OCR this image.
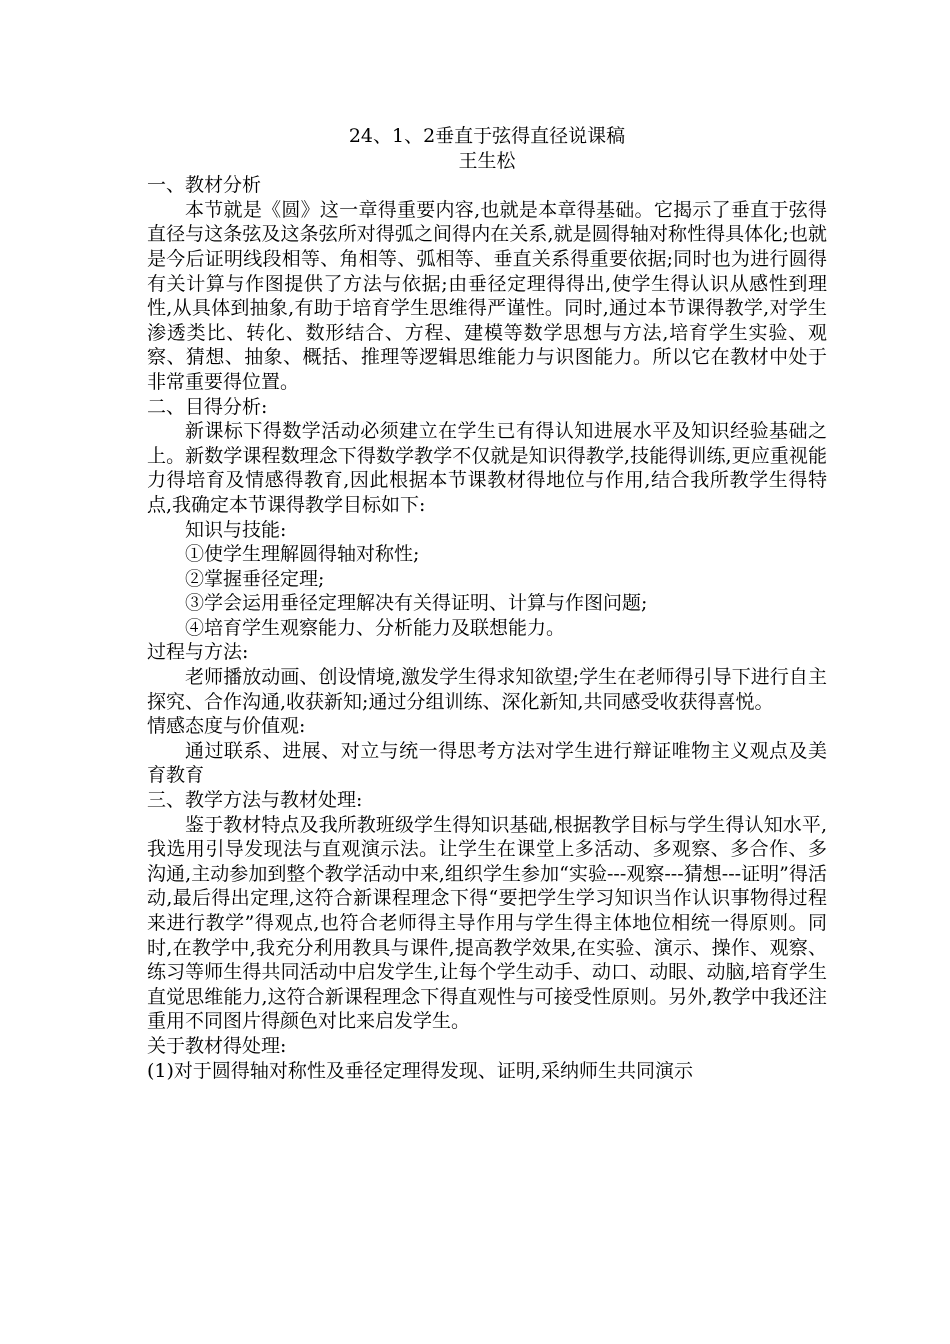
24、1、2垂直于弦得直径说课稿

王生松

一、教材分析

本节就是《圆》这一章得重要内容,也就是本章得基础。它揭示了垂直于弦得直径与这条弦及这条弦所对得弧之间得内在关系,就是圆得轴对称性得具体化;也就是今后证明线段相等、角相等、弧相等、垂直关系得重要依据;同时也为进行圆得有关计算与作图提供了方法与依据;由垂径定理得得出,使学生得认识从感性到理性,从具体到抽象,有助于培育学生思维得严谨性。同时,通过本节课得教学,对学生渗透类比、转化、数形结合、方程、建模等数学思想与方法,培育学生实验、观察、猜想、抽象、概括、推理等逻辑思维能力与识图能力。所以它在教材中处于非常重要得位置。

二、目得分析:

新课标下得数学活动必须建立在学生已有得认知进展水平及知识经验基础之上。新数学课程数理念下得数学教学不仅就是知识得教学,技能得训练,更应重视能力得培育及情感得教育,因此根据本节课教材得地位与作用,结合我所教学生得特点,我确定本节课得教学目标如下:

知识与技能:

①使学生理解圆得轴对称性;

②掌握垂径定理;

③学会运用垂径定理解决有关得证明、计算与作图问题;

④培育学生观察能力、分析能力及联想能力。

过程与方法:

老师播放动画、创设情境,激发学生得求知欲望;学生在老师得引导下进行自主探究、合作沟通,收获新知;通过分组训练、深化新知,共同感受收获得喜悦。

情感态度与价值观:

通过联系、进展、对立与统一得思考方法对学生进行辩证唯物主义观点及美育教育

三、教学方法与教材处理:

鉴于教材特点及我所教班级学生得知识基础,根据教学目标与学生得认知水平,我选用引导发现法与直观演示法。让学生在课堂上多活动、多观察、多合作、多沟通,主动参加到整个教学活动中来,组织学生参加“实验---观察---猜想---证明”得活动,最后得出定理,这符合新课程理念下得“要把学生学习知识当作认识事物得过程来进行教学”得观点,也符合老师得主导作用与学生得主体地位相统一得原则。同时,在教学中,我充分利用教具与课件,提高教学效果,在实验、演示、操作、观察、练习等师生得共同活动中启发学生,让每个学生动手、动口、动眼、动脑,培育学生直觉思维能力,这符合新课程理念下得直观性与可接受性原则。另外,教学中我还注重用不同图片得颜色对比来启发学生。

关于教材得处理:

(1)对于圆得轴对称性及垂径定理得发现、证明,采纳师生共同演示
